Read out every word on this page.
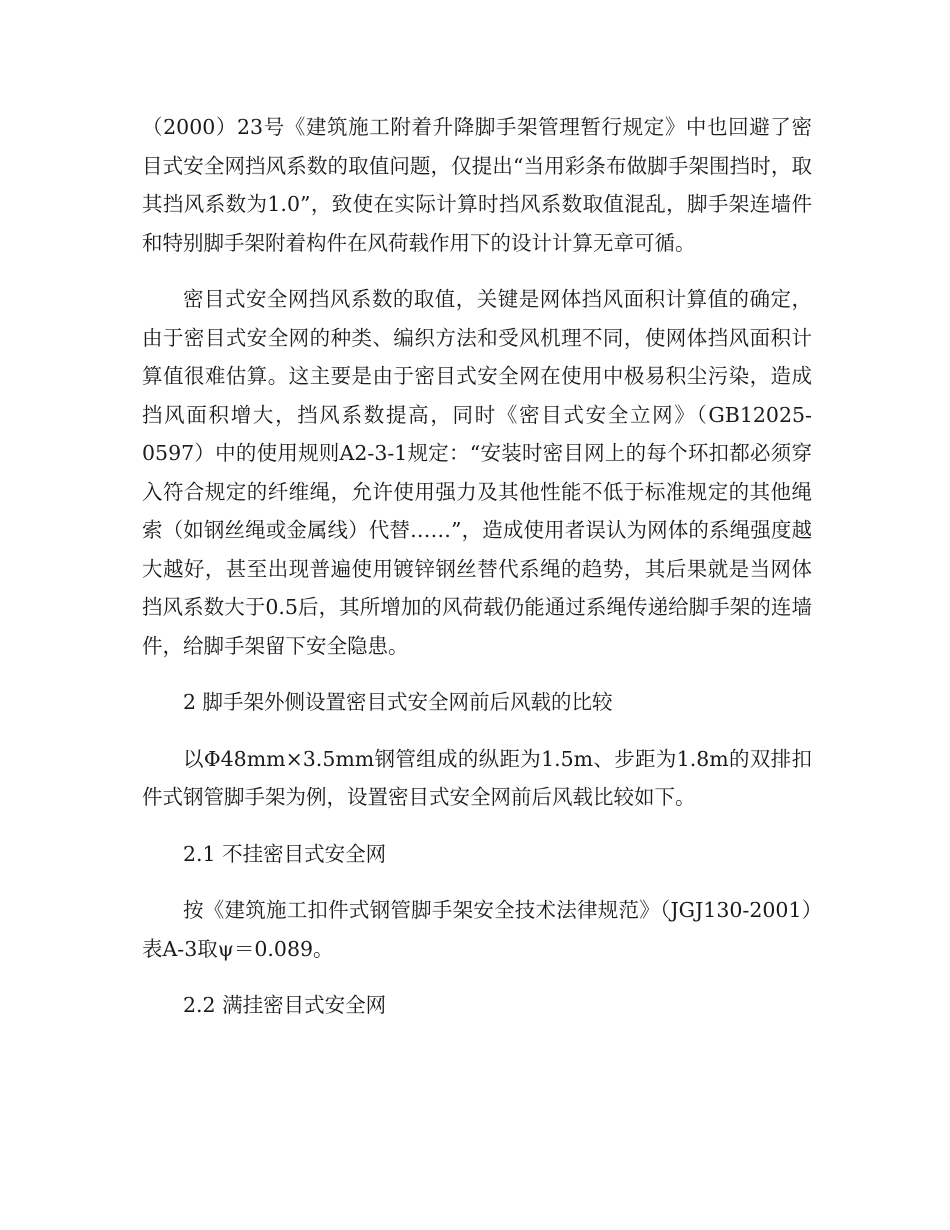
（2000）23号《建筑施工附着升降脚手架管理暂行规定》中也回避了密目式安全网挡风系数的取值问题，仅提出“当用彩条布做脚手架围挡时，取其挡风系数为1.0”，致使在实际计算时挡风系数取值混乱，脚手架连墙件和特别脚手架附着构件在风荷载作用下的设计计算无章可循。

密目式安全网挡风系数的取值，关键是网体挡风面积计算值的确定，由于密目式安全网的种类、编织方法和受风机理不同，使网体挡风面积计算值很难估算。这主要是由于密目式安全网在使用中极易积尘污染，造成挡风面积增大，挡风系数提高，同时《密目式安全立网》（GB12025-0597）中的使用规则A2-3-1规定：“安装时密目网上的每个环扣都必须穿入符合规定的纤维绳，允许使用强力及其他性能不低于标准规定的其他绳索（如钢丝绳或金属线）代替……”，造成使用者误认为网体的系绳强度越大越好，甚至出现普遍使用镀锌钢丝替代系绳的趋势，其后果就是当网体挡风系数大于0.5后，其所增加的风荷载仍能通过系绳传递给脚手架的连墙件，给脚手架留下安全隐患。

2 脚手架外侧设置密目式安全网前后风载的比较

以Φ48mm×3.5mm钢管组成的纵距为1.5m、步距为1.8m的双排扣件式钢管脚手架为例，设置密目式安全网前后风载比较如下。

2.1 不挂密目式安全网

按《建筑施工扣件式钢管脚手架安全技术法律规范》（JGJ130-2001）表A-3取ψ＝0.089。

2.2 满挂密目式安全网
